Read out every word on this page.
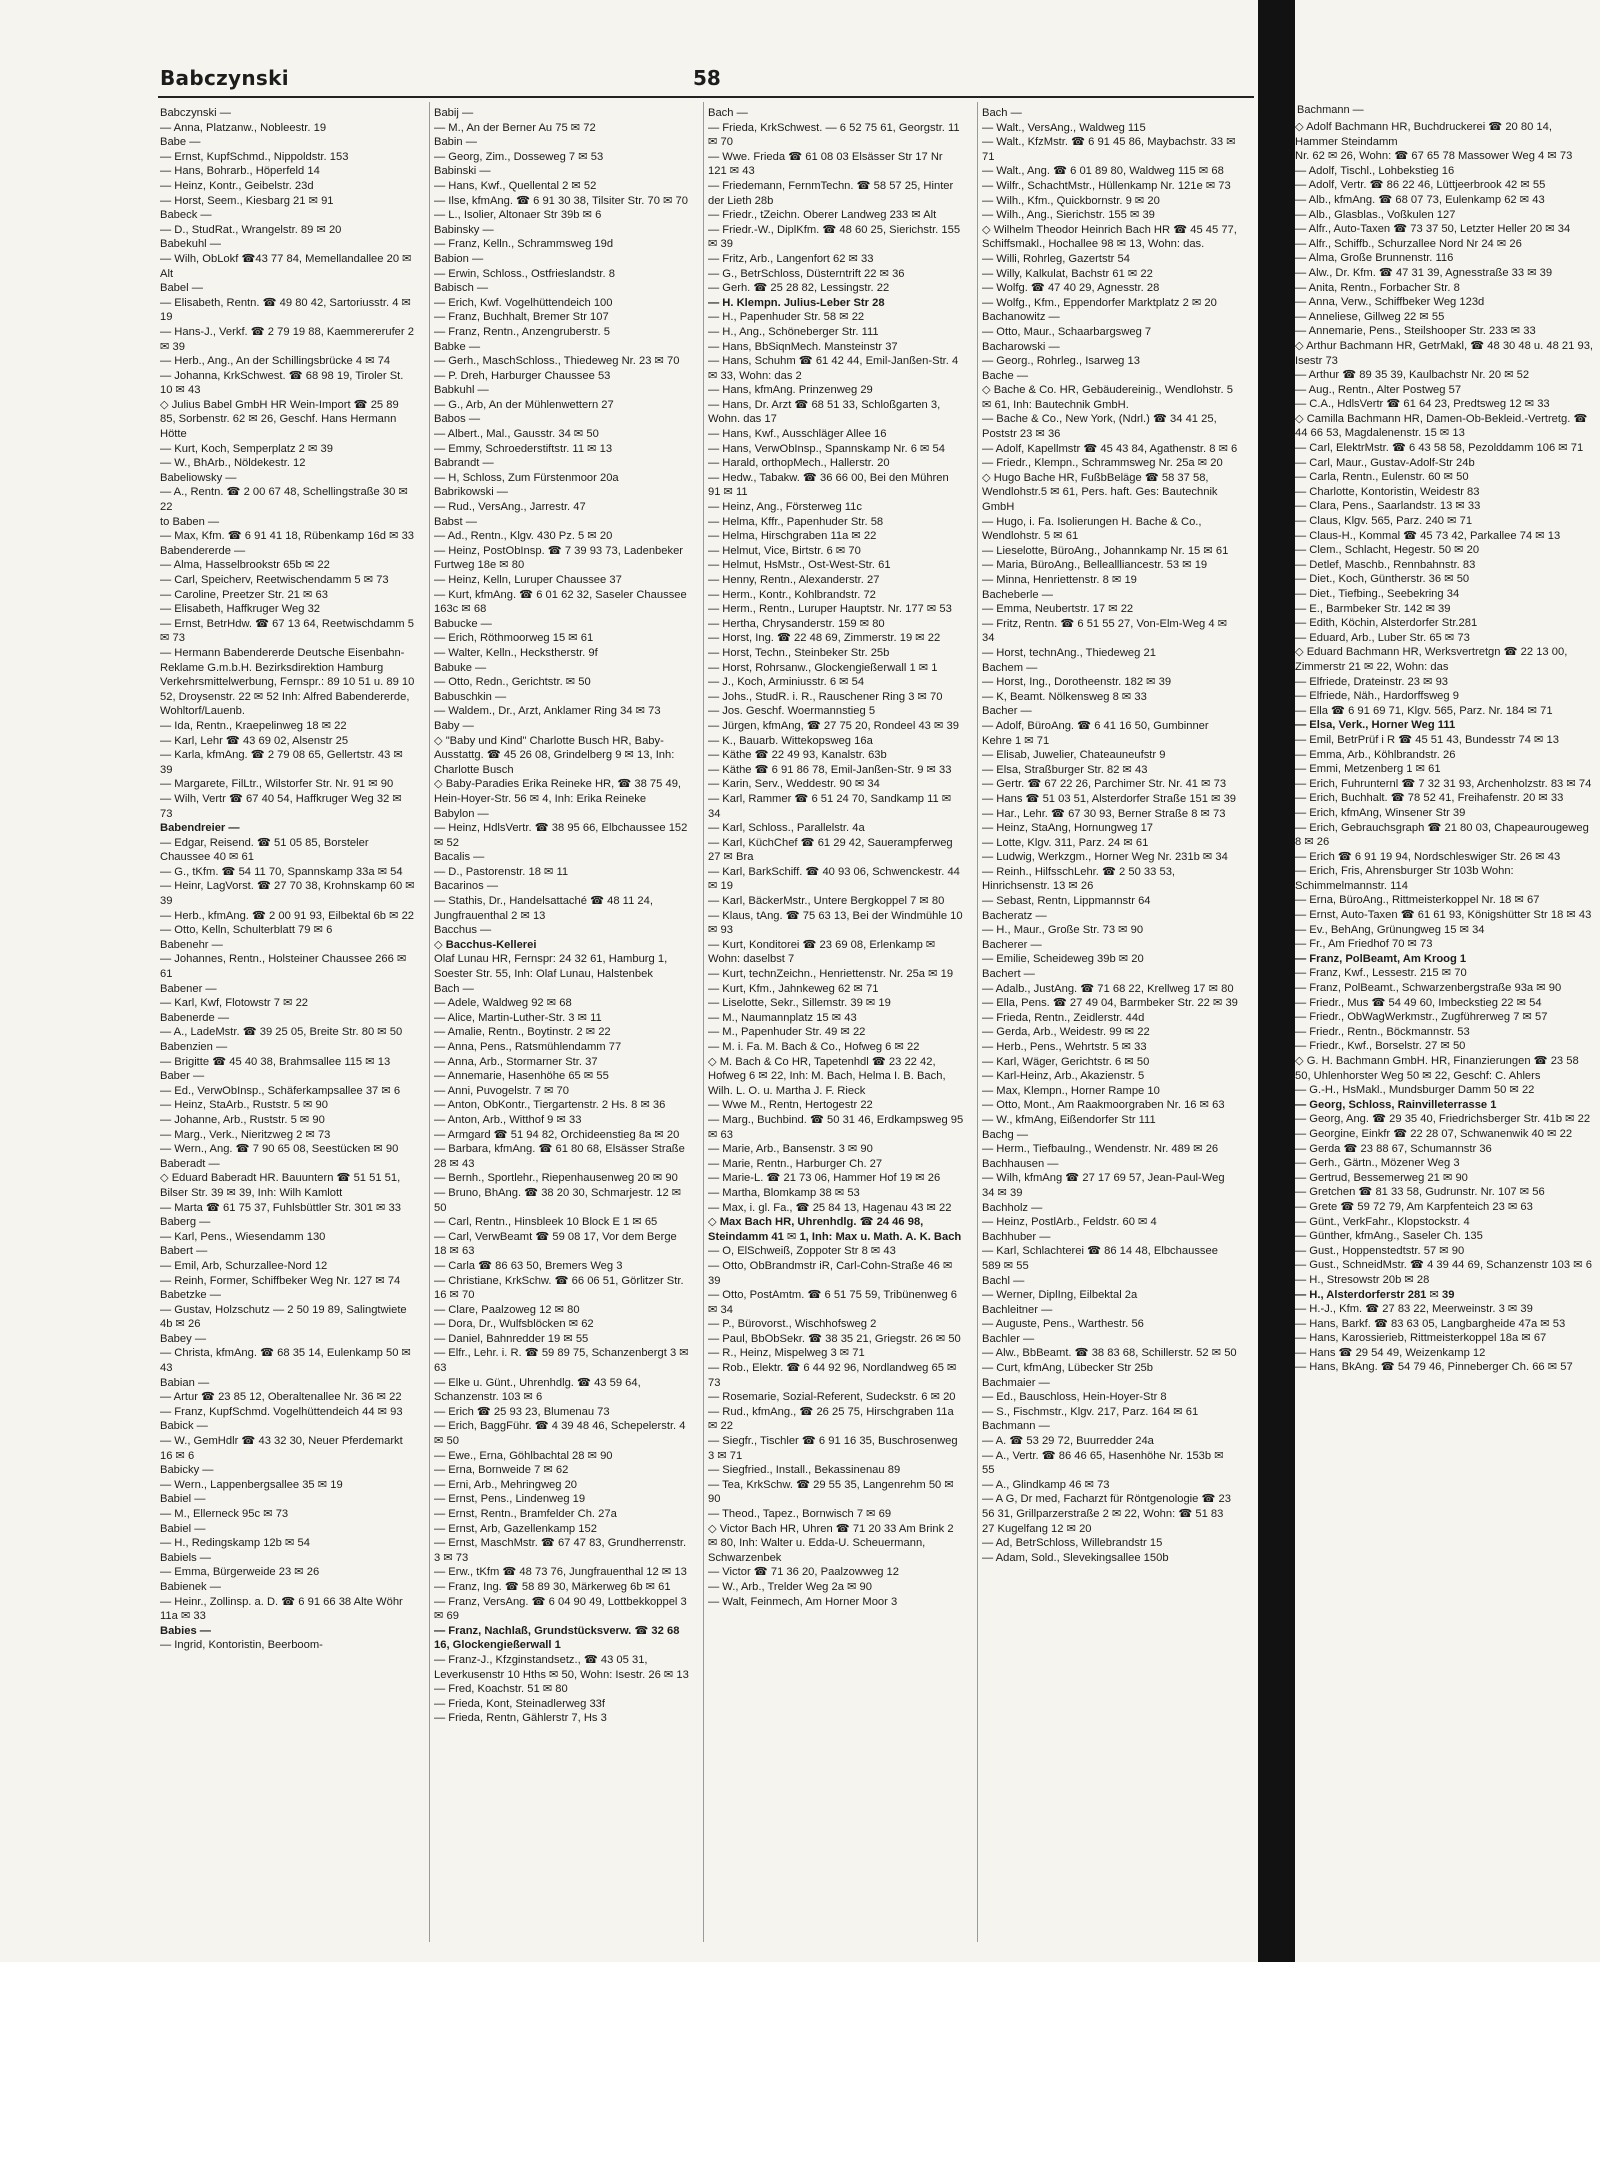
Babczynski	58
Babczynski —
— Anna, Platzanw., Nobleestr. 19
Babe —
— Ernst, KupfSchmd., Nippoldstr. 153
— Hans, Bohrarb., Höperfeld 14
— Heinz, Kontr., Geibelstr. 23d
— Horst, Seem., Kiesbarg 21 ✉ 91
Babeck —
— D., StudRat., Wrangelstr. 89 ✉ 20
Babekuhl —
— Wilh, ObLokf ☎43 77 84, Memellandallee 20 ✉ Alt
Babel —
— Elisabeth, Rentn. ☎ 49 80 42, Sartoriusstr. 4 ✉ 19
— Hans-J., Verkf. ☎ 2 79 19 88, Kaemmererufer 2 ✉ 39
— Herb., Ang., An der Schillingsbrücke 4 ✉ 74
— Johanna, KrkSchwest. ☎ 68 98 19, Tiroler St. 10 ✉ 43
◇ Julius Babel GmbH HR Wein-Import ☎ 25 89 85, Sorbenstr. 62 ✉ 26, Geschf. Hans Hermann Hötte
— Kurt, Koch, Semperplatz 2 ✉ 39
— W., BhArb., Nöldekestr. 12
Babeliowsky —
— A., Rentn. ☎ 2 00 67 48, Schellingstraße 30 ✉ 22
to Baben —
— Max, Kfm. ☎ 6 91 41 18, Rübenkamp 16d ✉ 33
Babendererde —
— Alma, Hasselbrookstr 65b ✉ 22
— Carl, Speicherv, Reetwischendamm 5 ✉ 73
— Caroline, Preetzer Str. 21 ✉ 63
— Elisabeth, Haffkruger Weg 32
— Ernst, BetrHdw. ☎ 67 13 64, Reetwischdamm 5 ✉ 73
— Hermann Babendererde Deutsche Eisenbahn-Reklame G.m.b.H. Bezirksdirektion Hamburg Verkehrsmittelwerbung, Fernspr.: 89 10 51 u. 89 10 52, Droysenstr. 22 ✉ 52 Inh: Alfred Babendererde, Wohltorf/Lauenb.
— Ida, Rentn., Kraepelinweg 18 ✉ 22
— Karl, Lehr ☎ 43 69 02, Alsenstr 25
— Karla, kfmAng. ☎ 2 79 08 65, Gellertstr. 43 ✉ 39
— Margarete, FilLtr., Wilstorfer Str. Nr. 91 ✉ 90
— Wilh, Vertr ☎ 67 40 54, Haffkruger Weg 32 ✉ 73
Babendreier —
— Edgar, Reisend. ☎ 51 05 85, Borsteler Chaussee 40 ✉ 61
— G., tKfm. ☎ 54 11 70, Spannskamp 33a ✉ 54
— Heinr, LagVorst. ☎ 27 70 38, Krohnskamp 60 ✉ 39
— Herb., kfmAng. ☎ 2 00 91 93, Eilbektal 6b ✉ 22
— Otto, Kelln, Schulterblatt 79 ✉ 6
Babenehr —
— Johannes, Rentn., Holsteiner Chaussee 266 ✉ 61
Babener —
— Karl, Kwf, Flotowstr 7 ✉ 22
Babenerde —
— A., LadeMstr. ☎ 39 25 05, Breite Str. 80 ✉ 50
Babenzien —
— Brigitte ☎ 45 40 38, Brahmsallee 115 ✉ 13
Baber —
— Ed., VerwObInsp., Schäferkampsallee 37 ✉ 6
— Heinz, StaArb., Ruststr. 5 ✉ 90
— Johanne, Arb., Ruststr. 5 ✉ 90
— Marg., Verk., Nieritzweg 2 ✉ 73
— Wern., Ang. ☎ 7 90 65 08, Seestücken ✉ 90
Baberadt —
◇ Eduard Baberadt HR. Bauuntern ☎ 51 51 51, Bilser Str. 39 ✉ 39, Inh: Wilh Kamlott
— Marta ☎ 61 75 37, Fuhlsbüttler Str. 301 ✉ 33
Baberg —
— Karl, Pens., Wiesendamm 130
Babert —
— Emil, Arb, Schurzallee-Nord 12
— Reinh, Former, Schiffbeker Weg Nr. 127 ✉ 74
Babetzke —
— Gustav, Holzschutz — 2 50 19 89, Salingtwiete 4b ✉ 26
Babey —
— Christa, kfmAng. ☎ 68 35 14, Eulenkamp 50 ✉ 43
Babian —
— Artur ☎ 23 85 12, Oberaltenallee Nr. 36 ✉ 22
— Franz, KupfSchmd. Vogelhüttendeich 44 ✉ 93
Babick —
— W., GemHdlr ☎ 43 32 30, Neuer Pferdemarkt 16 ✉ 6
Babicky —
— Wern., Lappenbergsallee 35 ✉ 19
Babiel —
— M., Ellerneck 95c ✉ 73
Babiel —
— H., Redingskamp 12b ✉ 54
Babiels —
— Emma, Bürgerweide 23 ✉ 26
Babienek —
— Heinr., Zollinsp. a. D. ☎ 6 91 66 38 Alte Wöhr 11a ✉ 33
Babies —
— Ingrid, Kontoristin, Beerboom-
Babij —
— M., An der Berner Au 75 ✉ 72
Babin —
— Georg, Zim., Dosseweg 7 ✉ 53
Babinski —
— Hans, Kwf., Quellental 2 ✉ 52
— Ilse, kfmAng. ☎ 6 91 30 38, Tilsiter Str. 70 ✉ 70
— L., Isolier, Altonaer Str 39b ✉ 6
Babinsky —
— Franz, Kelln., Schrammsweg 19d
Babion —
— Erwin, Schloss., Ostfrieslandstr. 8
Babisch —
— Erich, Kwf. Vogelhüttendeich 100
— Franz, Buchhalt, Bremer Str 107
— Franz, Rentn., Anzengruberstr. 5
Babke —
— Gerh., MaschSchloss., Thiedeweg Nr. 23 ✉ 70
— P. Dreh, Harburger Chaussee 53
Babkuhl —
— G., Arb, An der Mühlenwettern 27
Babos —
— Albert., Mal., Gausstr. 34 ✉ 50
— Emmy, Schroederstiftstr. 11 ✉ 13
Babrandt —
— H, Schloss, Zum Fürstenmoor 20a
Babrikowski —
— Rud., VersAng., Jarrestr. 47
Babst —
— Ad., Rentn., Klgv. 430 Pz. 5 ✉ 20
— Heinz, PostObInsp. ☎ 7 39 93 73, Ladenbeker Furtweg 18e ✉ 80
— Heinz, Kelln, Luruper Chaussee 37
— Kurt, kfmAng. ☎ 6 01 62 32, Saseler Chaussee 163c ✉ 68
Babucke —
— Erich, Röthmoorweg 15 ✉ 61
— Walter, Kelln., Heckstherstr. 9f
Babuke —
— Otto, Redn., Gerichtstr. ✉ 50
Babuschkin —
— Waldem., Dr., Arzt, Anklamer Ring 34 ✉ 73
Baby —
◇ "Baby und Kind" Charlotte Busch HR, Baby-Ausstattg. ☎ 45 26 08, Grindelberg 9 ✉ 13, Inh: Charlotte Busch
◇ Baby-Paradies Erika Reineke HR, ☎ 38 75 49, Hein-Hoyer-Str. 56 ✉ 4, Inh: Erika Reineke
Babylon —
— Heinz, HdlsVertr. ☎ 38 95 66, Elbchaussee 152 ✉ 52
Bacalis —
— D., Pastorenstr. 18 ✉ 11
Bacarinos —
— Stathis, Dr., Handelsattaché ☎ 48 11 24, Jungfrauenthal 2 ✉ 13
Bacchus —
◇ Bacchus-Kellerei
Olaf Lunau HR, Fernspr: 24 32 61, Hamburg 1, Soester Str. 55, Inh: Olaf Lunau, Halstenbek
Bach —
— Adele, Waldweg 92 ✉ 68
— Alice, Martin-Luther-Str. 3 ✉ 11
— Amalie, Rentn., Boytinstr. 2 ✉ 22
— Anna, Pens., Ratsmühlendamm 77
— Anna, Arb., Stormarner Str. 37
— Annemarie, Hasenhöhe 65 ✉ 55
— Anni, Puvogelstr. 7 ✉ 70
— Anton, ObKontr., Tiergartenstr. 2 Hs. 8 ✉ 36
— Anton, Arb., Witthof 9 ✉ 33
— Armgard ☎ 51 94 82, Orchideenstieg 8a ✉ 20
— Barbara, kfmAng. ☎ 61 80 68, Elsässer Straße 28 ✉ 43
— Bernh., Sportlehr., Riepenhausenweg 20 ✉ 90
— Bruno, BhAng. ☎ 38 20 30, Schmarjestr. 12 ✉ 50
— Carl, Rentn., Hinsbleek 10 Block E 1 ✉ 65
— Carl, VerwBeamt ☎ 59 08 17, Vor dem Berge 18 ✉ 63
— Carla ☎ 86 63 50, Bremers Weg 3
— Christiane, KrkSchw. ☎ 66 06 51, Görlitzer Str. 16 ✉ 70
— Clare, Paalzoweg 12 ✉ 80
— Dora, Dr., Wulfsblöcken ✉ 62
— Daniel, Bahnredder 19 ✉ 55
— Elfr., Lehr. i. R. ☎ 59 89 75, Schanzenbergt 3 ✉ 63
— Elke u. Günt., Uhrenhdlg. ☎ 43 59 64, Schanzenstr. 103 ✉ 6
— Erich ☎ 25 93 23, Blumenau 73
— Erich, BaggFühr. ☎ 4 39 48 46, Schepelerstr. 4 ✉ 50
— Ewe., Erna, Göhlbachtal 28 ✉ 90
— Erna, Bornweide 7 ✉ 62
— Erni, Arb., Mehringweg 20
— Ernst, Pens., Lindenweg 19
— Ernst, Rentn., Bramfelder Ch. 27a
— Ernst, Arb, Gazellenkamp 152
— Ernst, MaschMstr. ☎ 67 47 83, Grundherrenstr. 3 ✉ 73
— Erw., tKfm ☎ 48 73 76, Jungfrauenthal 12 ✉ 13
— Franz, Ing. ☎ 58 89 30, Märkerweg 6b ✉ 61
— Franz, VersAng. ☎ 6 04 90 49, Lottbekkoppel 3 ✉ 69
— Franz, Nachlaß, Grundstücksverw. ☎ 32 68 16, Glockengießerwall 1
— Franz-J., Kfzginstandsetz., ☎ 43 05 31, Leverkusenstr 10 Hths ✉ 50, Wohn: Isestr. 26 ✉ 13
— Fred, Koachstr. 51 ✉ 80
— Frieda, Kont, Steinadlerweg 33f
— Frieda, Rentn, Gählerstr 7, Hs 3
Bach —
— Frieda, KrkSchwest. — 6 52 75 61, Georgstr. 11 ✉ 70
— Wwe. Frieda ☎ 61 08 03 Elsässer Str 17 Nr 121 ✉ 43
— Friedemann, FernmTechn. ☎ 58 57 25, Hinter der Lieth 28b
— Friedr., tZeichn. Oberer Landweg 233 ✉ Alt
— Friedr.-W., DiplKfm. ☎ 48 60 25, Sierichstr. 155 ✉ 39
— Fritz, Arb., Langenfort 62 ✉ 33
— G., BetrSchloss, Düsterntrift 22 ✉ 36
— Gerh. ☎ 25 28 82, Lessingstr. 22
— H. Klempn. Julius-Leber Str 28
— H., Papenhuder Str. 58 ✉ 22
— H., Ang., Schöneberger Str. 111
— Hans, BbSiqnMech. Mansteinstr 37
— Hans, Schuhm ☎ 61 42 44, Emil-Janßen-Str. 4 ✉ 33, Wohn: das 2
— Hans, kfmAng. Prinzenweg 29
— Hans, Dr. Arzt ☎ 68 51 33, Schloßgarten 3, Wohn. das 17
— Hans, Kwf., Ausschläger Allee 16
— Hans, VerwObInsp., Spannskamp Nr. 6 ✉ 54
— Harald, orthopMech., Hallerstr. 20
— Hedw., Tabakw. ☎ 36 66 00, Bei den Mühren 91 ✉ 11
— Heinz, Ang., Försterweg 11c
— Helma, Kffr., Papenhuder Str. 58
— Helma, Hirschgraben 11a ✉ 22
— Helmut, Vice, Birtstr. 6 ✉ 70
— Helmut, HsMstr., Ost-West-Str. 61
— Henny, Rentn., Alexanderstr. 27
— Herm., Kontr., Kohlbrandstr. 72
— Herm., Rentn., Luruper Hauptstr. Nr. 177 ✉ 53
— Hertha, Chrysanderstr. 159 ✉ 80
— Horst, Ing. ☎ 22 48 69, Zimmerstr. 19 ✉ 22
— Horst, Techn., Steinbeker Str. 25b
— Horst, Rohrsanw., Glockengießerwall 1 ✉ 1
— J., Koch, Arminiusstr. 6 ✉ 54
— Johs., StudR. i. R., Rauschener Ring 3 ✉ 70
— Jos. Geschf. Woermannstieg 5
— Jürgen, kfmAng, ☎ 27 75 20, Rondeel 43 ✉ 39
— K., Bauarb. Wittekopsweg 16a
— Käthe ☎ 22 49 93, Kanalstr. 63b
— Käthe ☎ 6 91 86 78, Emil-Janßen-Str. 9 ✉ 33
— Karin, Serv., Weddestr. 90 ✉ 34
— Karl, Rammer ☎ 6 51 24 70, Sandkamp 11 ✉ 34
— Karl, Schloss., Parallelstr. 4a
— Karl, KüchChef ☎ 61 29 42, Sauerampferweg 27 ✉ Bra
— Karl, BarkSchiff. ☎ 40 93 06, Schwenckestr. 44 ✉ 19
— Karl, BäckerMstr., Untere Bergkoppel 7 ✉ 80
— Klaus, tAng. ☎ 75 63 13, Bei der Windmühle 10 ✉ 93
— Kurt, Konditorei ☎ 23 69 08, Erlenkamp ✉ Wohn: daselbst 7
— Kurt, technZeichn., Henriettenstr. Nr. 25a ✉ 19
— Kurt, Kfm., Jahnkeweg 62 ✉ 71
— Liselotte, Sekr., Sillemstr. 39 ✉ 19
— M., Naumannplatz 15 ✉ 43
— M., Papenhuder Str. 49 ✉ 22
— M. i. Fa. M. Bach & Co., Hofweg 6 ✉ 22
◇ M. Bach & Co HR, Tapetenhdl ☎ 23 22 42, Hofweg 6 ✉ 22, Inh: M. Bach, Helma I. B. Bach, Wilh. L. O. u. Martha J. F. Rieck
— Wwe M., Rentn, Hertogestr 22
— Marg., Buchbind. ☎ 50 31 46, Erdkampsweg 95 ✉ 63
— Marie, Arb., Bansenstr. 3 ✉ 90
— Marie, Rentn., Harburger Ch. 27
— Marie-L. ☎ 21 73 06, Hammer Hof 19 ✉ 26
— Martha, Blomkamp 38 ✉ 53
— Max, i. gl. Fa., ☎ 25 84 13, Hagenau 43 ✉ 22
◇ Max Bach HR, Uhrenhdlg. ☎ 24 46 98, Steindamm 41 ✉ 1, Inh: Max u. Math. A. K. Bach
— O, ElSchweiß, Zoppoter Str 8 ✉ 43
— Otto, ObBrandmstr iR, Carl-Cohn-Straße 46 ✉ 39
— Otto, PostAmtm. ☎ 6 51 75 59, Tribünenweg 6 ✉ 34
— P., Bürovorst., Wischhofsweg 2
— Paul, BbObSekr. ☎ 38 35 21, Griegstr. 26 ✉ 50
— R., Heinz, Mispelweg 3 ✉ 71
— Rob., Elektr. ☎ 6 44 92 96, Nordlandweg 65 ✉ 73
— Rosemarie, Sozial-Referent, Sudeckstr. 6 ✉ 20
— Rud., kfmAng., ☎ 26 25 75, Hirschgraben 11a ✉ 22
— Siegfr., Tischler ☎ 6 91 16 35, Buschrosenweg 3 ✉ 71
— Siegfried., Install., Bekassinenau 89
— Tea, KrkSchw. ☎ 29 55 35, Langenrehm 50 ✉ 90
— Theod., Tapez., Bornwisch 7 ✉ 69
◇ Victor Bach HR, Uhren ☎ 71 20 33 Am Brink 2 ✉ 80, Inh: Walter u. Edda-U. Scheuermann, Schwarzenbek
— Victor ☎ 71 36 20, Paalzowweg 12
— W., Arb., Trelder Weg 2a ✉ 90
— Walt, Feinmech, Am Horner Moor 3
Bach —
— Walt., VersAng., Waldweg 115
— Walt., KfzMstr. ☎ 6 91 45 86, Maybachstr. 33 ✉ 71
— Walt., Ang. ☎ 6 01 89 80, Waldweg 115 ✉ 68
— Wilfr., SchachtMstr., Hüllenkamp Nr. 121e ✉ 73
— Wilh., Kfm., Quickbornstr. 9 ✉ 20
— Wilh., Ang., Sierichstr. 155 ✉ 39
◇ Wilhelm Theodor Heinrich Bach HR ☎ 45 45 77, Schiffsmakl., Hochallee 98 ✉ 13, Wohn: das.
— Willi, Rohrleg, Gazertstr 54
— Willy, Kalkulat, Bachstr 61 ✉ 22
— Wolfg. ☎ 47 40 29, Agnesstr. 28
— Wolfg., Kfm., Eppendorfer Marktplatz 2 ✉ 20
Bachanowitz —
— Otto, Maur., Schaarbargsweg 7
Bacharowski —
— Georg., Rohrleg., Isarweg 13
Bache —
◇ Bache & Co. HR, Gebäudereinig., Wendlohstr. 5 ✉ 61, Inh: Bautechnik GmbH.
— Bache & Co., New York, (Ndrl.) ☎ 34 41 25, Poststr 23 ✉ 36
— Adolf, Kapellmstr ☎ 45 43 84, Agathenstr. 8 ✉ 6
— Friedr., Klempn., Schrammsweg Nr. 25a ✉ 20
◇ Hugo Bache HR, FußbBeläge ☎ 58 37 58, Wendlohstr.5 ✉ 61, Pers. haft. Ges: Bautechnik GmbH
— Hugo, i. Fa. Isolierungen H. Bache & Co., Wendlohstr. 5 ✉ 61
— Lieselotte, BüroAng., Johannkamp Nr. 15 ✉ 61
— Maria, BüroAng., Belleallliancestr. 53 ✉ 19
— Minna, Henriettenstr. 8 ✉ 19
Bacheberle —
— Emma, Neubertstr. 17 ✉ 22
— Fritz, Rentn. ☎ 6 51 55 27, Von-Elm-Weg 4 ✉ 34
— Horst, technAng., Thiedeweg 21
Bachem —
— Horst, Ing., Dorotheenstr. 182 ✉ 39
— K, Beamt. Nölkensweg 8 ✉ 33
Bacher —
— Adolf, BüroAng. ☎ 6 41 16 50, Gumbinner Kehre 1 ✉ 71
— Elisab, Juwelier, Chateauneufstr 9
— Elsa, Straßburger Str. 82 ✉ 43
— Gertr. ☎ 67 22 26, Parchimer Str. Nr. 41 ✉ 73
— Hans ☎ 51 03 51, Alsterdorfer Straße 151 ✉ 39
— Har., Lehr. ☎ 67 30 93, Berner Straße 8 ✉ 73
— Heinz, StaAng, Hornungweg 17
— Lotte, Klgv. 311, Parz. 24 ✉ 61
— Ludwig, Werkzgm., Horner Weg Nr. 231b ✉ 34
— Reinh., HilfsschLehr. ☎ 2 50 33 53, Hinrichsenstr. 13 ✉ 26
— Sebast, Rentn, Lippmannstr 64
Bacheratz —
— H., Maur., Große Str. 73 ✉ 90
Bacherer —
— Emilie, Scheideweg 39b ✉ 20
Bachert —
— Adalb., JustAng. ☎ 71 68 22, Krellweg 17 ✉ 80
— Ella, Pens. ☎ 27 49 04, Barmbeker Str. 22 ✉ 39
— Frieda, Rentn., Zeidlerstr. 44d
— Gerda, Arb., Weidestr. 99 ✉ 22
— Herb., Pens., Wehrtstr. 5 ✉ 33
— Karl, Wäger, Gerichtstr. 6 ✉ 50
— Karl-Heinz, Arb., Akazienstr. 5
— Max, Klempn., Horner Rampe 10
— Otto, Mont., Am Raakmoorgraben Nr. 16 ✉ 63
— W., kfmAng, Eißendorfer Str 111
Bachg —
— Herm., TiefbauIng., Wendenstr. Nr. 489 ✉ 26
Bachhausen —
— Wilh, kfmAng ☎ 27 17 69 57, Jean-Paul-Weg 34 ✉ 39
Bachholz —
— Heinz, PostlArb., Feldstr. 60 ✉ 4
Bachhuber —
— Karl, Schlachterei ☎ 86 14 48, Elbchaussee 589 ✉ 55
Bachl —
— Werner, DiplIng, Eilbektal 2a
Bachleitner —
— Auguste, Pens., Warthestr. 56
Bachler —
— Alw., BbBeamt. ☎ 38 83 68, Schillerstr. 52 ✉ 50
— Curt, kfmAng, Lübecker Str 25b
Bachmaier —
— Ed., Bauschloss, Hein-Hoyer-Str 8
— S., Fischmstr., Klgv. 217, Parz. 164 ✉ 61
Bachmann —
— A. ☎ 53 29 72, Buurredder 24a
— A., Vertr. ☎ 86 46 65, Hasenhöhe Nr. 153b ✉ 55
— A., Glindkamp 46 ✉ 73
— A G, Dr med, Facharzt für Röntgenologie ☎ 23 56 31, Grillparzerstraße 2 ✉ 22, Wohn: ☎ 51 83 27 Kugelfang 12 ✉ 20
— Ad, BetrSchloss, Willebrandstr 15
— Adam, Sold., Slevekingsallee 150b
Bachmann —
◇ Adolf Bachmann HR, Buchdruckerei ☎ 20 80 14, Hammer Steindamm
Nr. 62 ✉ 26, Wohn: ☎ 67 65 78 Massower Weg 4 ✉ 73
— Adolf, Tischl., Lohbekstieg 16
— Adolf, Vertr. ☎ 86 22 46, Lüttjeerbrook 42 ✉ 55
— Alb., kfmAng. ☎ 68 07 73, Eulenkamp 62 ✉ 43
— Alb., Glasblas., Voßkulen 127
— Alfr., Auto-Taxen ☎ 73 37 50, Letzter Heller 20 ✉ 34
— Alfr., Schiffb., Schurzallee Nord Nr 24 ✉ 26
— Alma, Große Brunnenstr. 116
— Alw., Dr. Kfm. ☎ 47 31 39, Agnesstraße 33 ✉ 39
— Anita, Rentn., Forbacher Str. 8
— Anna, Verw., Schiffbeker Weg 123d
— Anneliese, Gillweg 22 ✉ 55
— Annemarie, Pens., Steilshooper Str. 233 ✉ 33
◇ Arthur Bachmann HR, GetrMakl, ☎ 48 30 48 u. 48 21 93, Isestr 73
— Arthur ☎ 89 35 39, Kaulbachstr Nr. 20 ✉ 52
— Aug., Rentn., Alter Postweg 57
— C.A., HdlsVertr ☎ 61 64 23, Predtsweg 12 ✉ 33
◇ Camilla Bachmann HR, Damen-Ob-Bekleid.-Vertretg. ☎ 44 66 53, Magdalenenstr. 15 ✉ 13
— Carl, ElektrMstr. ☎ 6 43 58 58, Pezolddamm 106 ✉ 71
— Carl, Maur., Gustav-Adolf-Str 24b
— Carla, Rentn., Eulenstr. 60 ✉ 50
— Charlotte, Kontoristin, Weidestr 83
— Clara, Pens., Saarlandstr. 13 ✉ 33
— Claus, Klgv. 565, Parz. 240 ✉ 71
— Claus-H., Kommal ☎ 45 73 42, Parkallee 74 ✉ 13
— Clem., Schlacht, Hegestr. 50 ✉ 20
— Detlef, Maschb., Rennbahnstr. 83
— Diet., Koch, Güntherstr. 36 ✉ 50
— Diet., Tiefbing., Seebekring 34
— E., Barmbeker Str. 142 ✉ 39
— Edith, Köchin, Alsterdorfer Str.281
— Eduard, Arb., Luber Str. 65 ✉ 73
◇ Eduard Bachmann HR, Werksvertretgn ☎ 22 13 00, Zimmerstr 21 ✉ 22, Wohn: das
— Elfriede, Drateinstr. 23 ✉ 93
— Elfriede, Näh., Hardorffsweg 9
— Ella ☎ 6 91 69 71, Klgv. 565, Parz. Nr. 184 ✉ 71
— Elsa, Verk., Horner Weg 111
— Emil, BetrPrüf i R ☎ 45 51 43, Bundesstr 74 ✉ 13
— Emma, Arb., Köhlbrandstr. 26
— Emmi, Metzenberg 1 ✉ 61
— Erich, Fuhrunternl ☎ 7 32 31 93, Archenholzstr. 83 ✉ 74
— Erich, Buchhalt. ☎ 78 52 41, Freihafenstr. 20 ✉ 33
— Erich, kfmAng, Winsener Str 39
— Erich, Gebrauchsgraph ☎ 21 80 03, Chapeaurougeweg 8 ✉ 26
— Erich ☎ 6 91 19 94, Nordschleswiger Str. 26 ✉ 43
— Erich, Fris, Ahrensburger Str 103b Wohn: Schimmelmannstr. 114
— Erna, BüroAng., Rittmeisterkoppel Nr. 18 ✉ 67
— Ernst, Auto-Taxen ☎ 61 61 93, Königshütter Str 18 ✉ 43
— Ev., BehAng, Grünungweg 15 ✉ 34
— Fr., Am Friedhof 70 ✉ 73
— Franz, PolBeamt, Am Kroog 1
— Franz, Kwf., Lessestr. 215 ✉ 70
— Franz, PolBeamt., Schwarzenbergstraße 93a ✉ 90
— Friedr., Mus ☎ 54 49 60, Imbeckstieg 22 ✉ 54
— Friedr., ObWagWerkmstr., Zugführerweg 7 ✉ 57
— Friedr., Rentn., Böckmannstr. 53
— Friedr., Kwf., Borselstr. 27 ✉ 50
◇ G. H. Bachmann GmbH. HR, Finanzierungen ☎ 23 58 50, Uhlenhorster Weg 50 ✉ 22, Geschf: C. Ahlers
— G.-H., HsMakl., Mundsburger Damm 50 ✉ 22
— Georg, Schloss, Rainvilleterrasse 1
— Georg, Ang. ☎ 29 35 40, Friedrichsberger Str. 41b ✉ 22
— Georgine, Einkfr ☎ 22 28 07, Schwanenwik 40 ✉ 22
— Gerda ☎ 23 88 67, Schumannstr 36
— Gerh., Gärtn., Mözener Weg 3
— Gertrud, Bessemerweg 21 ✉ 90
— Gretchen ☎ 81 33 58, Gudrunstr. Nr. 107 ✉ 56
— Grete ☎ 59 72 79, Am Karpfenteich 23 ✉ 63
— Günt., VerkFahr., Klopstockstr. 4
— Günther, kfmAng., Saseler Ch. 135
— Gust., Hoppenstedtstr. 57 ✉ 90
— Gust., SchneidMstr. ☎ 4 39 44 69, Schanzenstr 103 ✉ 6
— H., Stresowstr 20b ✉ 28
— H., Alsterdorferstr 281 ✉ 39
— H.-J., Kfm. ☎ 27 83 22, Meerweinstr. 3 ✉ 39
— Hans, Barkf. ☎ 83 63 05, Langbargheide 47a ✉ 53
— Hans, Karossierieb, Rittmeisterkoppel 18a ✉ 67
— Hans ☎ 29 54 49, Weizenkamp 12
— Hans, BkAng. ☎ 54 79 46, Pinneberger Ch. 66 ✉ 57
